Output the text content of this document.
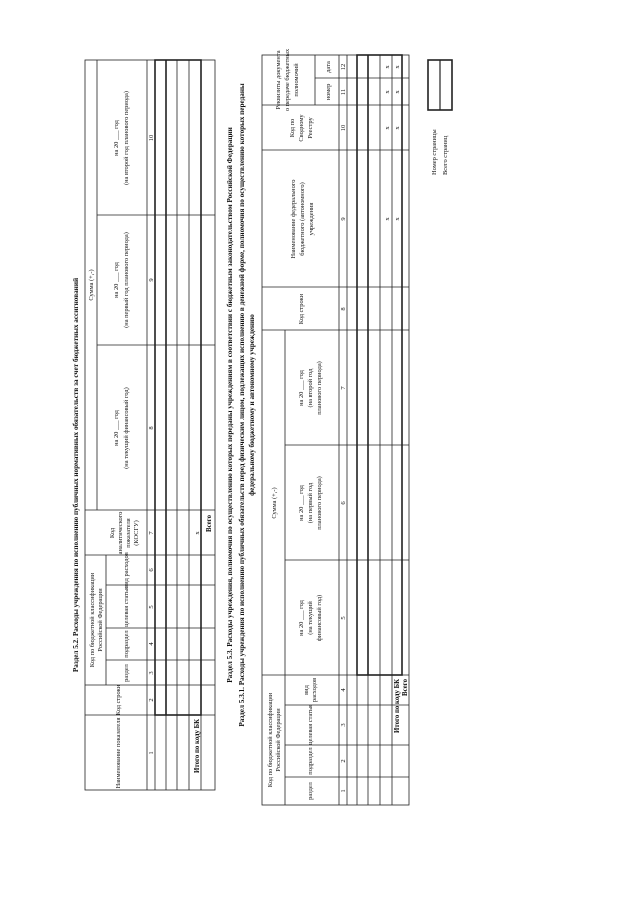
Раздел 5.2. Расходы учреждения по исполнению публичных нормативных обязательств за счет бюджетных ассигнований
Наименование показателя
Код строки
Код по бюджетной классификации Российской Федерации
раздел
подраздел
целевая статья
вид расходов
Код аналитического показателя (КОСГУ)
Сумма (+,-)
на 20 ___ год (на текущий финансовый год)
на 20 ___ год (на первый год планового периода)
на 20 ___ год (на второй год планового периода)
1
2
3
4
5
6
7
8
9
10
Итого по коду БК
x
Всего Раздел 5.3. Расходы учреждения, полномочия по осуществлению которых переданы учреждениям в соответствии с бюджетным законодательством Российской Федерации Раздел 5.3.1. Расходы учреждения по исполнению публичных обязательств перед физическим лицом, подлежащих исполнению в денежной форме, полномочия по осуществлению которых переданы федеральному бюджетному и автономному учреждению
Код по бюджетной классификации Российской Федерации
раздел
подраздел
целевая статья
вид расходов
Сумма (+,-)
на 20 ___ год (на текущий финансовый год)
на 20 ___ год (на первый год планового периода)
на 20 ___ год (на второй год планового периода)
Код строки
Наименование федерального бюджетного (автономного) учреждения
Код по Сводному Реестру
Реквизиты документа о передаче бюджетных полномочий	номер
дата
1
2
3
4
5
6
7
8
9
10
11
12
x
x
x
x
x
x
x
x
Итого по коду БК Всего
Номер страницы Всего страниц
